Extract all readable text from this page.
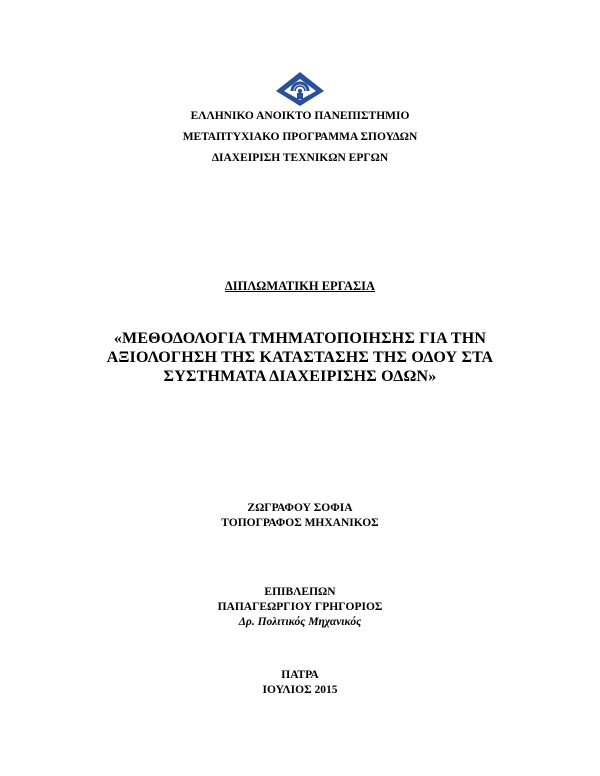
ΕΛΛΗΝΙΚΟ ΑΝΟΙΚΤΟ ΠΑΝΕΠΙΣΤΗΜΙΟ
ΜΕΤΑΠΤΥΧΙΑΚΟ ΠΡΟΓΡΑΜΜΑ ΣΠΟΥΔΩΝ
ΔΙΑΧΕΙΡΙΣΗ ΤΕΧΝΙΚΩΝ ΕΡΓΩΝ
ΔΙΠΛΩΜΑΤΙΚΗ ΕΡΓΑΣΙΑ
«ΜΕΘΟΔΟΛΟΓΙΑ ΤΜΗΜΑΤΟΠΟΙΗΣΗΣ ΓΙΑ ΤΗΝ
ΑΞΙΟΛΟΓΗΣΗ ΤΗΣ ΚΑΤΑΣΤΑΣΗΣ ΤΗΣ ΟΔΟΥ ΣΤΑ
ΣΥΣΤΗΜΑΤΑ ΔΙΑΧΕΙΡΙΣΗΣ ΟΔΩΝ»
ΖΩΓΡΑΦΟΥ ΣΟΦΙΑ
ΤΟΠΟΓΡΑΦΟΣ ΜΗΧΑΝΙΚΟΣ
ΕΠΙΒΛΕΠΩΝ
ΠΑΠΑΓΕΩΡΓΙΟΥ ΓΡΗΓΟΡΙΟΣ
Δρ. Πολιτικός Μηχανικός
ΠΑΤΡΑ
ΙΟΥΛΙΟΣ 2015
